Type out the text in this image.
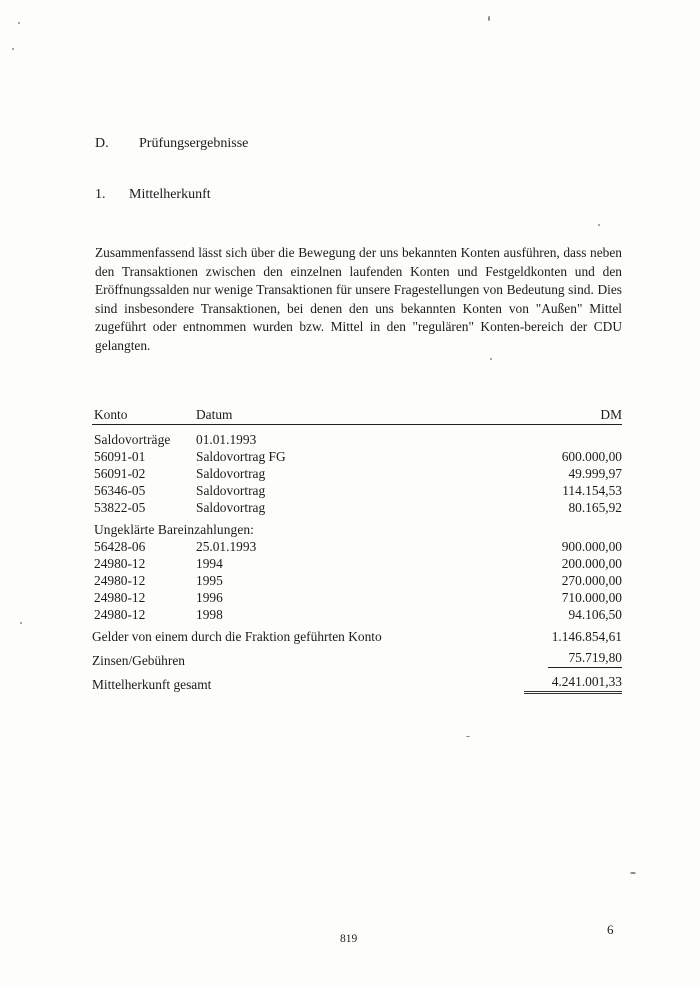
D. Prüfungsergebnisse
1. Mittelherkunft
Zusammenfassend lässt sich über die Bewegung der uns bekannten Konten ausführen, dass neben den Transaktionen zwischen den einzelnen laufenden Konten und Festgeldkonten und den Eröffnungssalden nur wenige Transaktionen für unsere Fragestellungen von Bedeutung sind. Dies sind insbesondere Transaktionen, bei denen den uns bekannten Konten von "Außen" Mittel zugeführt oder entnommen wurden bzw. Mittel in den "regulären" Konten-bereich der CDU gelangten.
Konto	Datum	DM
Saldovorträge 01.01.1993
56091-01	Saldovortrag FG	600.000,00
56091-02	Saldovortrag	49.999,97
56346-05	Saldovortrag	114.154,53
53822-05	Saldovortrag	80.165,92
Ungeklärte Bareinzahlungen:
56428-06	25.01.1993	900.000,00
24980-12	1994	200.000,00
24980-12	1995	270.000,00
24980-12	1996	710.000,00
24980-12	1998	94.106,50
Gelder von einem durch die Fraktion geführten Konto	1.146.854,61
Zinsen/Gebühren	75.719,80
Mittelherkunft gesamt	4.241.001,33
819
6
